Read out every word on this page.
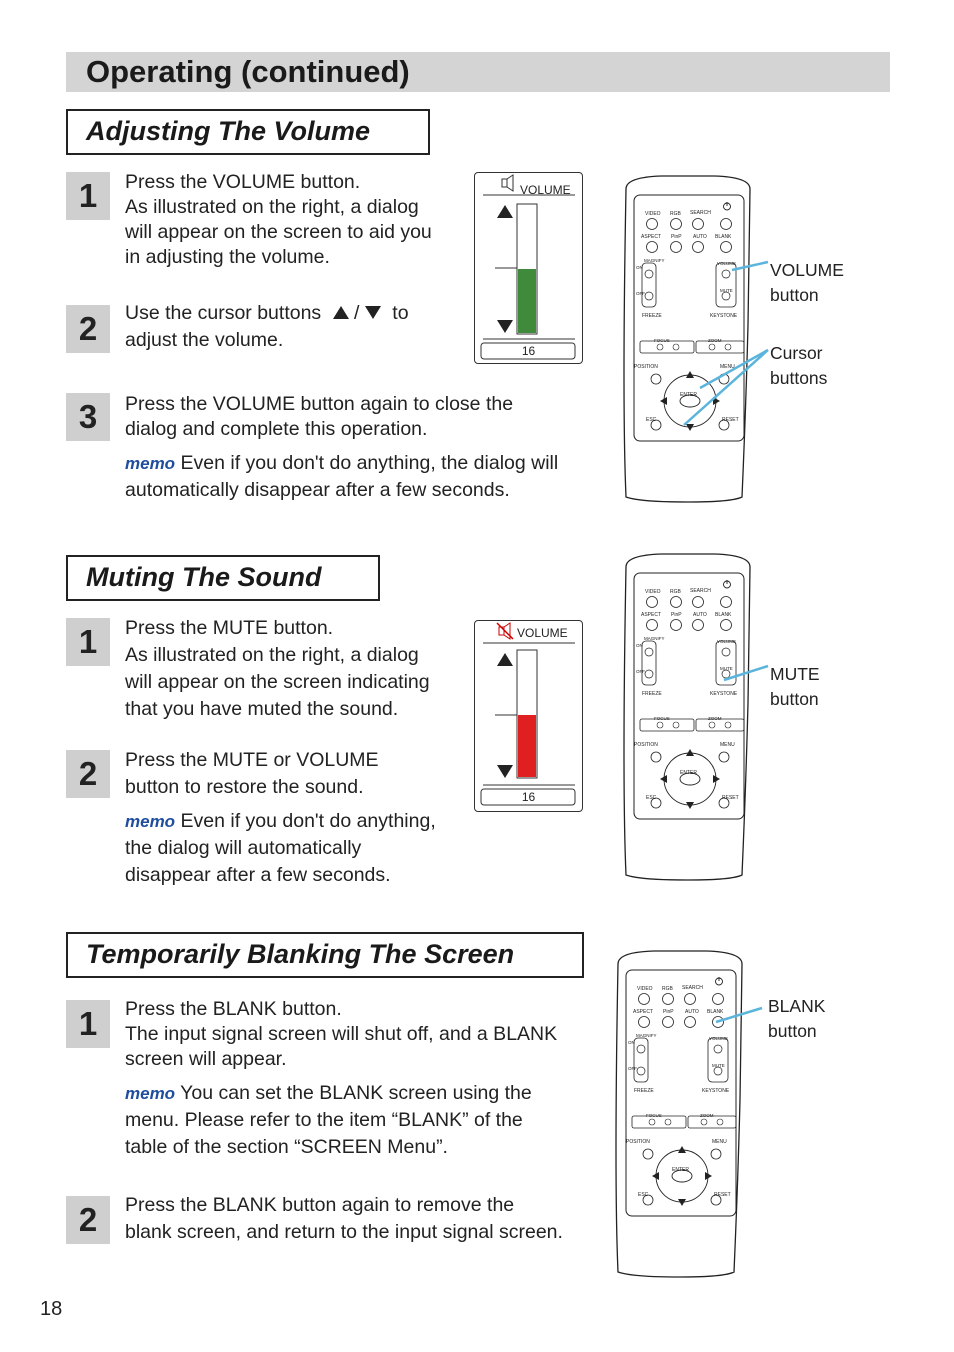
Operating (continued)
Adjusting The Volume
1	Press the VOLUME button.
As illustrated on the right, a dialog
will appear on the screen to aid you
in adjusting the volume.
2	Use the cursor buttons / to
adjust the volume.
3	Press the VOLUME button again to close the
dialog and complete this operation.
memo Even if you don't do anything, the dialog will
automatically disappear after a few seconds.
VOLUME
16
VIDEO RGB SEARCH
ASPECT PinP AUTO BLANK
MAGNIFY
ON
OFF
VOLUME
MUTE
FREEZE	KEYSTONE
FOCUS	ZOOM
POSITION	MENU
ENTER
ESC	RESET
VOLUME
button
Cursor
buttons
Muting The Sound
1	Press the MUTE button.
As illustrated on the right, a dialog
will appear on the screen indicating
that you have muted the sound.
2	Press the MUTE or VOLUME
button to restore the sound.
memo Even if you don't do anything,
the dialog will automatically
disappear after a few seconds.
VOLUME
16
VIDEO RGB SEARCH
ASPECT PinP AUTO BLANK
MAGNIFY
ON
OFF
VOLUME
MUTE
FREEZE	KEYSTONE
FOCUS	ZOOM
POSITION	MENU
ENTER
ESC	RESET
MUTE
button
Temporarily Blanking The Screen
1	Press the BLANK button.
The input signal screen will shut off, and a BLANK
screen will appear.
memo You can set the BLANK screen using the
menu. Please refer to the item “BLANK” of the
table of the section “SCREEN Menu”.
2	Press the BLANK button again to remove the
blank screen, and return to the input signal screen.
VIDEO RGB SEARCH
ASPECT PinP AUTO BLANK
MAGNIFY
ON
OFF
VOLUME
MUTE
FREEZE	KEYSTONE
FOCUS	ZOOM
POSITION	MENU
ENTER
ESC	RESET
BLANK
button
18
